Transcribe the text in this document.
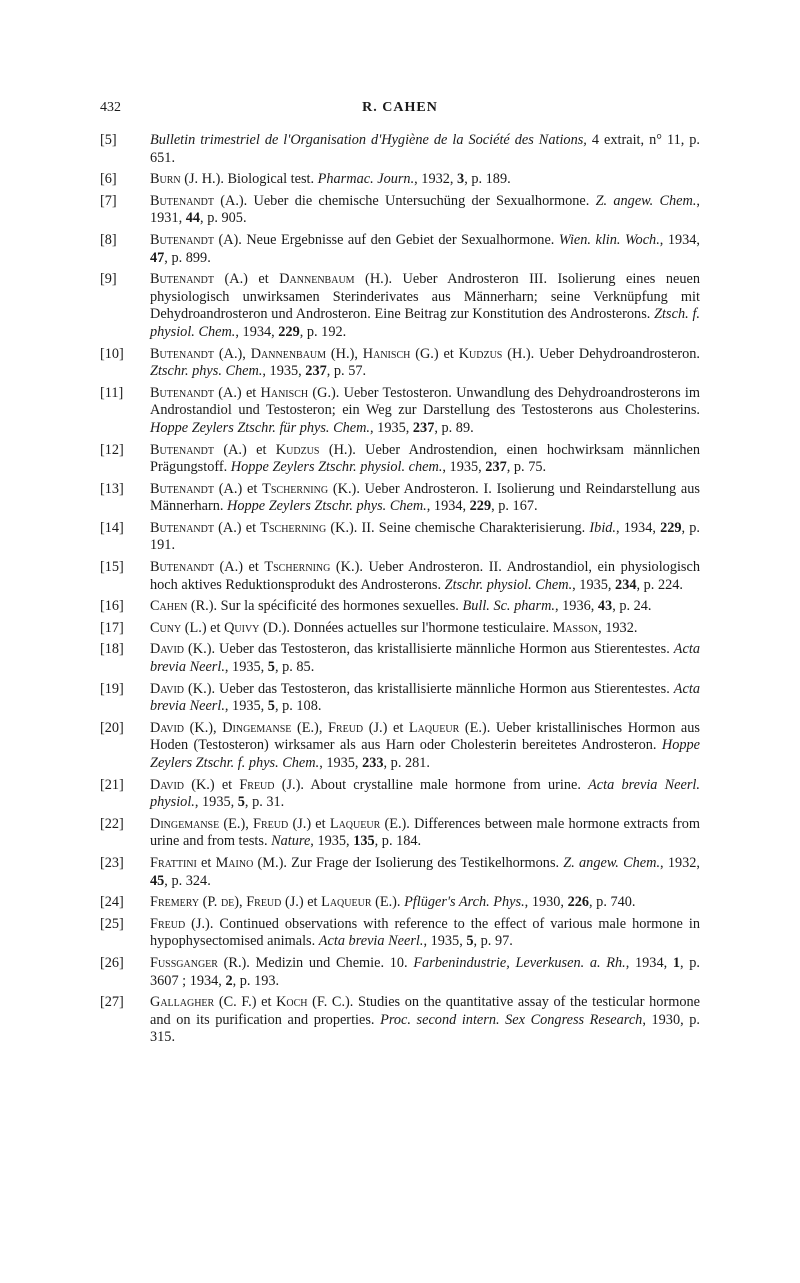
432	R. CAHEN
[5]	Bulletin trimestriel de l'Organisation d'Hygiène de la Société des Nations, 4 extrait, n° 11, p. 651.
[6]	Burn (J. H.). Biological test. Pharmac. Journ., 1932, 3, p. 189.
[7]	Butenandt (A.). Ueber die chemische Untersuchüng der Sexualhormone. Z. angew. Chem., 1931, 44, p. 905.
[8]	Butenandt (A). Neue Ergebnisse auf den Gebiet der Sexualhormone. Wien. klin. Woch., 1934, 47, p. 899.
[9]	Butenandt (A.) et Dannenbaum (H.). Ueber Androsteron III. Isolierung eines neuen physiologisch unwirksamen Sterinderivates aus Männerharn; seine Verknüpfung mit Dehydroandrosteron und Androsteron. Eine Beitrag zur Konstitution des Androsterons. Ztsch. f. physiol. Chem., 1934, 229, p. 192.
[10]	Butenandt (A.), Dannenbaum (H.), Hanisch (G.) et Kudzus (H.). Ueber Dehydroandrosteron. Ztschr. phys. Chem., 1935, 237, p. 57.
[11]	Butenandt (A.) et Hanisch (G.). Ueber Testosteron. Unwandlung des Dehydroandrosterons im Androstandiol und Testosteron; ein Weg zur Darstellung des Testosterons aus Cholesterins. Hoppe Zeylers Ztschr. für phys. Chem., 1935, 237, p. 89.
[12]	Butenandt (A.) et Kudzus (H.). Ueber Androstendion, einen hochwirksam männlichen Prägungstoff. Hoppe Zeylers Ztschr. physiol. chem., 1935, 237, p. 75.
[13]	Butenandt (A.) et Tscherning (K.). Ueber Androsteron. I. Isolierung und Reindarstellung aus Männerharn. Hoppe Zeylers Ztschr. phys. Chem., 1934, 229, p. 167.
[14]	Butenandt (A.) et Tscherning (K.). II. Seine chemische Charakterisierung. Ibid., 1934, 229, p. 191.
[15]	Butenandt (A.) et Tscherning (K.). Ueber Androsteron. II. Androstandiol, ein physiologisch hoch aktives Reduktionsprodukt des Androsterons. Ztschr. physiol. Chem., 1935, 234, p. 224.
[16]	Cahen (R.). Sur la spécificité des hormones sexuelles. Bull. Sc. pharm., 1936, 43, p. 24.
[17]	Cuny (L.) et Quivy (D.). Données actuelles sur l'hormone testiculaire. Masson, 1932.
[18]	David (K.). Ueber das Testosteron, das kristallisierte männliche Hormon aus Stierentestes. Acta brevia Neerl., 1935, 5, p. 85.
[19]	David (K.). Ueber das Testosteron, das kristallisierte männliche Hormon aus Stierentestes. Acta brevia Neerl., 1935, 5, p. 108.
[20]	David (K.), Dingemanse (E.), Freud (J.) et Laqueur (E.). Ueber kristallinisches Hormon aus Hoden (Testosteron) wirksamer als aus Harn oder Cholesterin bereitetes Androsteron. Hoppe Zeylers Ztschr. f. phys. Chem., 1935, 233, p. 281.
[21]	David (K.) et Freud (J.). About crystalline male hormone from urine. Acta brevia Neerl. physiol., 1935, 5, p. 31.
[22]	Dingemanse (E.), Freud (J.) et Laqueur (E.). Differences between male hormone extracts from urine and from tests. Nature, 1935, 135, p. 184.
[23]	Frattini et Maino (M.). Zur Frage der Isolierung des Testikelhormons. Z. angew. Chem., 1932, 45, p. 324.
[24]	Fremery (P. de), Freud (J.) et Laqueur (E.). Pflüger's Arch. Phys., 1930, 226, p. 740.
[25]	Freud (J.). Continued observations with reference to the effect of various male hormone in hypophysectomised animals. Acta brevia Neerl., 1935, 5, p. 97.
[26]	Fussganger (R.). Medizin und Chemie. 10. Farbenindustrie, Leverkusen. a. Rh., 1934, 1, p. 3607 ; 1934, 2, p. 193.
[27]	Gallagher (C. F.) et Koch (F. C.). Studies on the quantitative assay of the testicular hormone and on its purification and properties. Proc. second intern. Sex Congress Research, 1930, p. 315.
